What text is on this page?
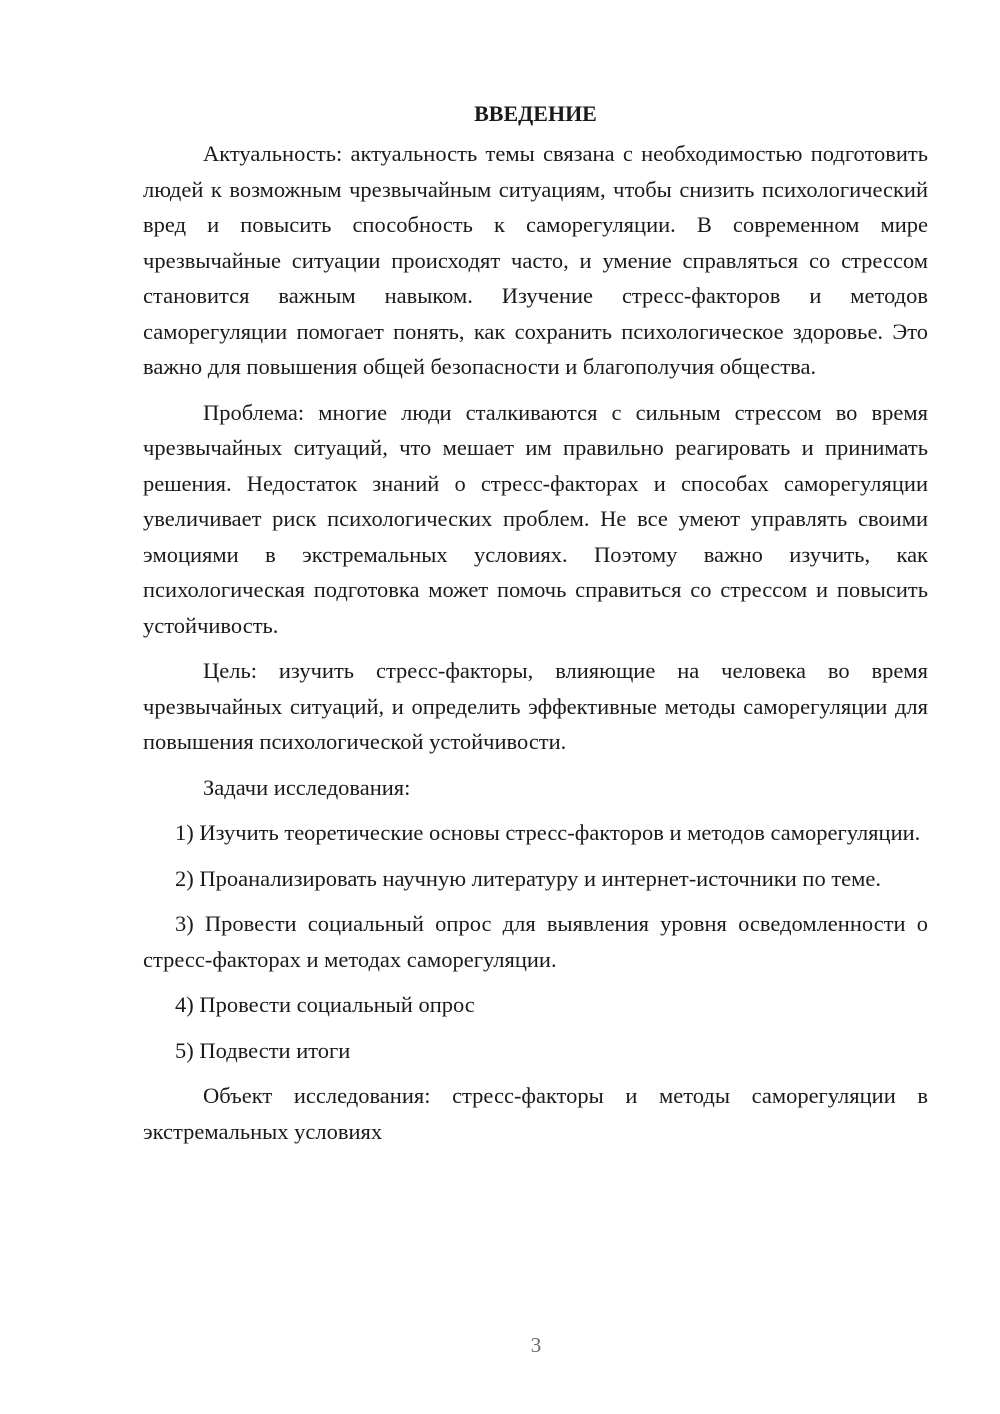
ВВЕДЕНИЕ

Актуальность: актуальность темы связана с необходимостью подготовить людей к возможным чрезвычайным ситуациям, чтобы снизить психологический вред и повысить способность к саморегуляции. В современном мире чрезвычайные ситуации происходят часто, и умение справляться со стрессом становится важным навыком. Изучение стресс-факторов и методов саморегуляции помогает понять, как сохранить психологическое здоровье. Это важно для повышения общей безопасности и благополучия общества.

Проблема: многие люди сталкиваются с сильным стрессом во время чрезвычайных ситуаций, что мешает им правильно реагировать и принимать решения. Недостаток знаний о стресс-факторах и способах саморегуляции увеличивает риск психологических проблем. Не все умеют управлять своими эмоциями в экстремальных условиях. Поэтому важно изучить, как психологическая подготовка может помочь справиться со стрессом и повысить устойчивость.

Цель: изучить стресс-факторы, влияющие на человека во время чрезвычайных ситуаций, и определить эффективные методы саморегуляции для повышения психологической устойчивости.

Задачи исследования:

1) Изучить теоретические основы стресс-факторов и методов саморегуляции.

2) Проанализировать научную литературу и интернет-источники по теме.

3) Провести социальный опрос для выявления уровня осведомленности о стресс-факторах и методах саморегуляции.

4) Провести социальный опрос

5) Подвести итоги

Объект исследования: стресс-факторы и методы саморегуляции в экстремальных условиях

3
